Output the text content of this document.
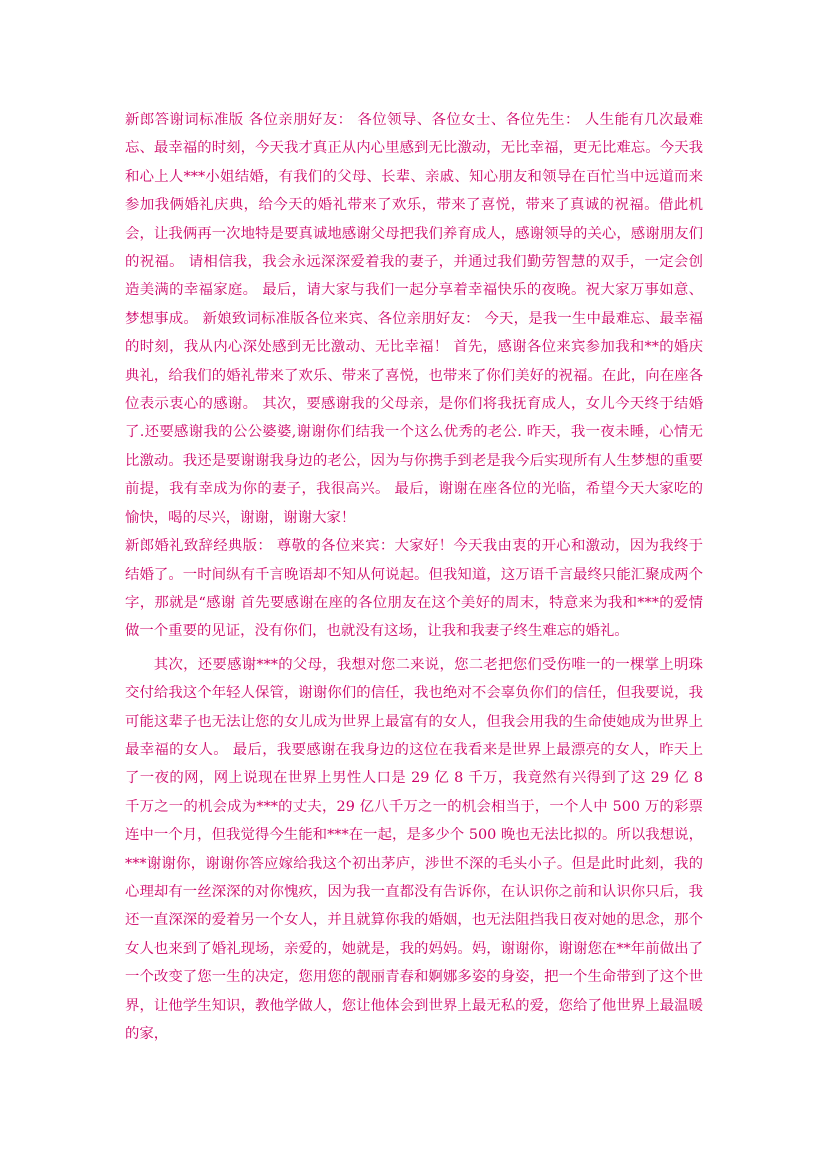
新郎答谢词标准版 各位亲朋好友： 各位领导、各位女士、各位先生： 人生能有几次最难忘、最幸福的时刻，今天我才真正从内心里感到无比激动，无比幸福，更无比难忘。今天我和心上人***小姐结婚，有我们的父母、长辈、亲戚、知心朋友和领导在百忙当中远道而来参加我俩婚礼庆典，给今天的婚礼带来了欢乐，带来了喜悦，带来了真诚的祝福。借此机会，让我俩再一次地特是要真诚地感谢父母把我们养育成人，感谢领导的关心，感谢朋友们的祝福。 请相信我，我会永远深深爱着我的妻子，并通过我们勤劳智慧的双手，一定会创造美满的幸福家庭。 最后，请大家与我们一起分享着幸福快乐的夜晚。祝大家万事如意、梦想事成。 新娘致词标准版各位来宾、各位亲朋好友： 今天，是我一生中最难忘、最幸福的时刻，我从内心深处感到无比激动、无比幸福！ 首先，感谢各位来宾参加我和**的婚庆典礼，给我们的婚礼带来了欢乐、带来了喜悦，也带来了你们美好的祝福。在此，向在座各位表示衷心的感谢。 其次，要感谢我的父母亲，是你们将我抚育成人，女儿今天终于结婚了.还要感谢我的公公婆婆,谢谢你们结我一个这么优秀的老公. 昨天，我一夜未睡，心情无比激动。我还是要谢谢我身边的老公，因为与你携手到老是我今后实现所有人生梦想的重要前提，我有幸成为你的妻子，我很高兴。 最后，谢谢在座各位的光临，希望今天大家吃的愉快，喝的尽兴，谢谢，谢谢大家！

新郎婚礼致辞经典版： 尊敬的各位来宾：大家好！今天我由衷的开心和激动，因为我终于结婚了。一时间纵有千言晚语却不知从何说起。但我知道，这万语千言最终只能汇聚成两个字，那就是“感谢 首先要感谢在座的各位朋友在这个美好的周末，特意来为我和***的爱情做一个重要的见证，没有你们，也就没有这场，让我和我妻子终生难忘的婚礼。

其次，还要感谢***的父母，我想对您二来说，您二老把您们受伤唯一的一棵掌上明珠交付给我这个年轻人保管，谢谢你们的信任，我也绝对不会辜负你们的信任，但我要说，我可能这辈子也无法让您的女儿成为世界上最富有的女人，但我会用我的生命使她成为世界上最幸福的女人。 最后，我要感谢在我身边的这位在我看来是世界上最漂亮的女人，昨天上了一夜的网，网上说现在世界上男性人口是 29 亿 8 千万，我竟然有兴得到了这 29 亿 8 千万之一的机会成为***的丈夫，29 亿八千万之一的机会相当于，一个人中 500 万的彩票连中一个月，但我觉得今生能和***在一起，是多少个 500 晚也无法比拟的。所以我想说，***谢谢你，谢谢你答应嫁给我这个初出茅庐，涉世不深的毛头小子。但是此时此刻，我的心理却有一丝深深的对你愧疚，因为我一直都没有告诉你，在认识你之前和认识你只后，我还一直深深的爱着另一个女人，并且就算你我的婚姻，也无法阻挡我日夜对她的思念，那个女人也来到了婚礼现场，亲爱的，她就是，我的妈妈。妈，谢谢你，谢谢您在**年前做出了一个改变了您一生的决定，您用您的靓丽青春和婀娜多姿的身姿，把一个生命带到了这个世界，让他学生知识，教他学做人，您让他体会到世界上最无私的爱，您给了他世界上最温暖的家，
